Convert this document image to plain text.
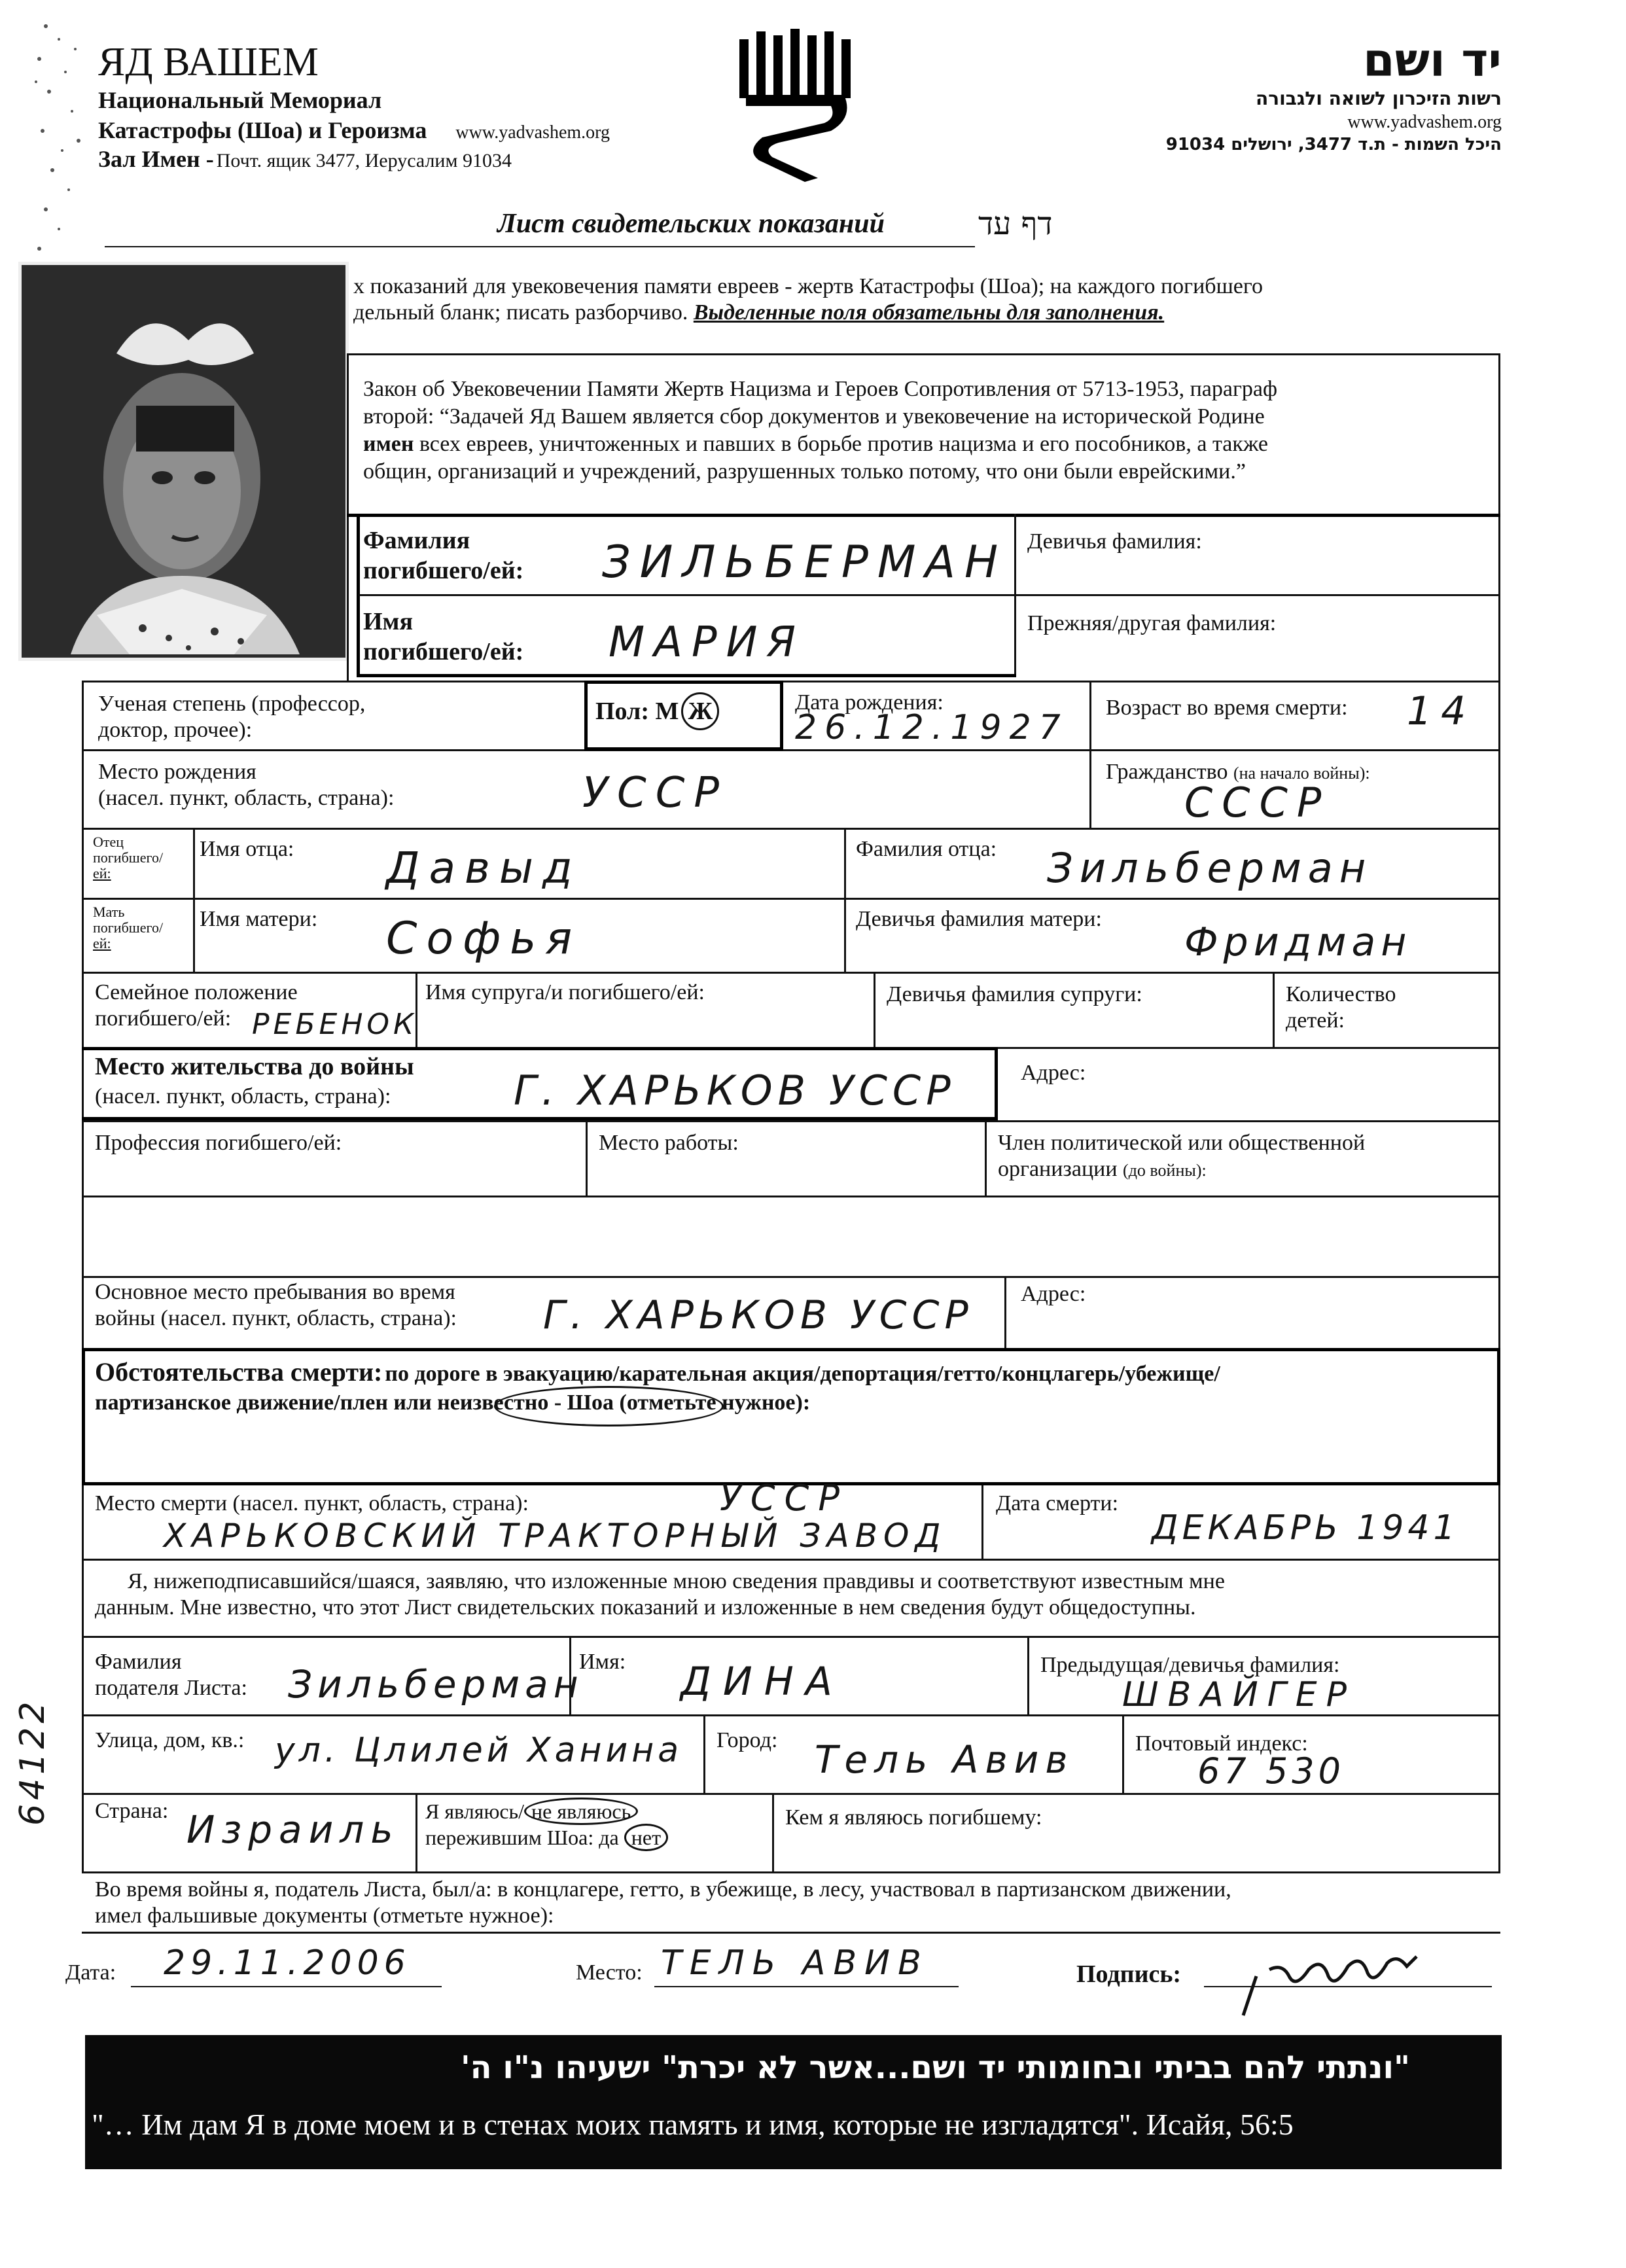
ЯД ВАШЕМ
Национальный Мемориал
Катастрофы (Шоа) и Героизма www.yadvashem.org
Зал Имен - Почт. ящик 3477, Иерусалим 91034
יד ושם
רשות הזיכרון לשואה ולגבורה
www.yadvashem.org
היכל השמות - ת.ד 3477, ירושלים 91034
Лист свидетельских показаний	דף עד
х показаний для увековечения памяти евреев - жертв Катастрофы (Шоа); на каждого погибшего
дельный бланк; писать разборчиво. Выделенные поля обязательны для заполнения.
Закон об Увековечении Памяти Жертв Нацизма и Героев Сопротивления от 5713-1953, параграф
второй: “Задачей Яд Вашем является сбор документов и увековечение на исторической Родине
имен всех евреев, уничтоженных и павших в борьбе против нацизма и его пособников, а также
общин, организаций и учреждений, разрушенных только потому, что они были еврейскими.”
Фамилия
погибшего/ей: ЗИЛЬБЕРМАН Девичья фамилия:
Имя
погибшего/ей: МАРИЯ	Прежняя/другая фамилия:
Ученая степень (профессор,
доктор, прочее):
Пол: М Ж	Дата рождения:
26.12.1927
Возраст во время смерти: 14
Место рождения
(насел. пункт, область, страна):	УССР	Гражданство (на начало войны):
СССР
Отец
погибшего/
ей:
Имя отца: Давыд	Фамилия отца: Зильберман
Мать
погибшего/
ей:
Имя матери: Софья	Девичья фамилия матери:
Фридман
Семейное положение
погибшего/ей: РЕБЕНОК
Имя супруга/и погибшего/ей:	Девичья фамилия супруги:	Количество
детей:
Место жительства до войны
(насел. пункт, область, страна):	Г. ХАРЬКОВ УССР	Адрес:
Профессия погибшего/ей:	Место работы:	Член политической или общественной
организации (до войны):
Основное место пребывания во время
войны (насел. пункт, область, страна): Г. ХАРЬКОВ УССР Адрес:
Обстоятельства смерти: по дороге в эвакуацию/карательная акция/депортация/гетто/концлагерь/убежище/
партизанское движение/плен или неизвестно - Шоа (отметьте нужное):
Место смерти (насел. пункт, область, страна):	УССР
ХАРЬКОВСКИЙ ТРАКТОРНЫЙ ЗАВОД
Дата смерти:
ДЕКАБРЬ 1941
Я, нижеподписавшийся/шаяся, заявляю, что изложенные мною сведения правдивы и соответствуют известным мне
данным. Мне известно, что этот Лист свидетельских показаний и изложенные в нем сведения будут общедоступны.
Фамилия
подателя Листа: Зильберман
Имя: ДИНА	Предыдущая/девичья фамилия:
ШВАЙГЕР
Улица, дом, кв.: ул. Цлилей Ханина Город: Тель Авив	Почтовый индекс:
67 530
Страна: Израиль Я являюсь/ не являюсь
пережившим Шоа: да нет
Кем я являюсь погибшему:
Во время войны я, податель Листа, был/а: в концлагере, гетто, в убежище, в лесу, участвовал в партизанском движении,
имел фальшивые документы (отметьте нужное):
Дата: 29.11.2006	Место: ТЕЛЬ АВИВ	Подпись:
64122
"ונתתי להם בביתי ובחומותי יד ושם...אשר לא יכרת" ישעיהו נ"ו ה'
"… Им дам Я в доме моем и в стенах моих память и имя, которые не изгладятся". Исайя, 56:5
